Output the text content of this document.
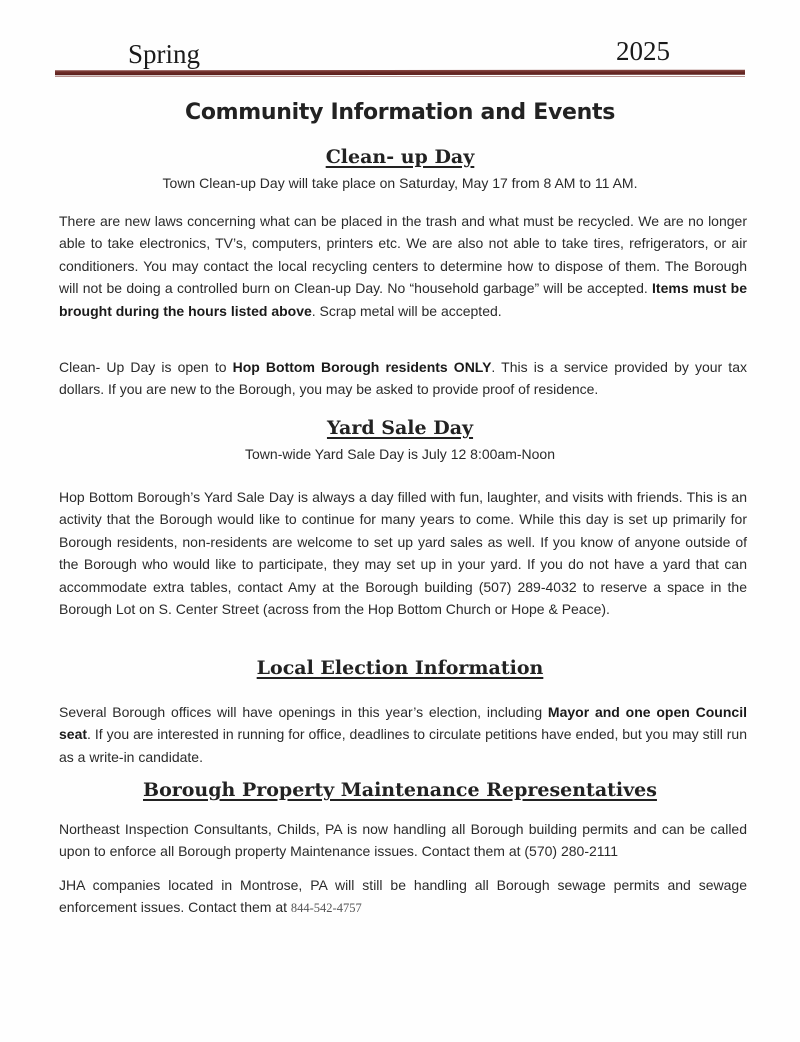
Spring	2025
Community Information and Events
Clean- up Day
Town Clean-up Day will take place on Saturday, May 17 from 8 AM to 11 AM.
There are new laws concerning what can be placed in the trash and what must be recycled. We are no longer able to take electronics, TV’s, computers, printers etc. We are also not able to take tires, refrigerators, or air conditioners. You may contact the local recycling centers to determine how to dispose of them. The Borough will not be doing a controlled burn on Clean-up Day. No “household garbage” will be accepted. Items must be brought during the hours listed above. Scrap metal will be accepted.
Clean- Up Day is open to Hop Bottom Borough residents ONLY. This is a service provided by your tax dollars. If you are new to the Borough, you may be asked to provide proof of residence.
Yard Sale Day
Town-wide Yard Sale Day is July 12 8:00am-Noon
Hop Bottom Borough’s Yard Sale Day is always a day filled with fun, laughter, and visits with friends. This is an activity that the Borough would like to continue for many years to come. While this day is set up primarily for Borough residents, non-residents are welcome to set up yard sales as well. If you know of anyone outside of the Borough who would like to participate, they may set up in your yard. If you do not have a yard that can accommodate extra tables, contact Amy at the Borough building (507) 289-4032 to reserve a space in the Borough Lot on S. Center Street (across from the Hop Bottom Church or Hope & Peace).
Local Election Information
Several Borough offices will have openings in this year’s election, including Mayor and one open Council seat. If you are interested in running for office, deadlines to circulate petitions have ended, but you may still run as a write-in candidate.
Borough Property Maintenance Representatives
Northeast Inspection Consultants, Childs, PA is now handling all Borough building permits and can be called upon to enforce all Borough property Maintenance issues. Contact them at (570) 280-2111
JHA companies located in Montrose, PA will still be handling all Borough sewage permits and sewage enforcement issues. Contact them at 844-542-4757
